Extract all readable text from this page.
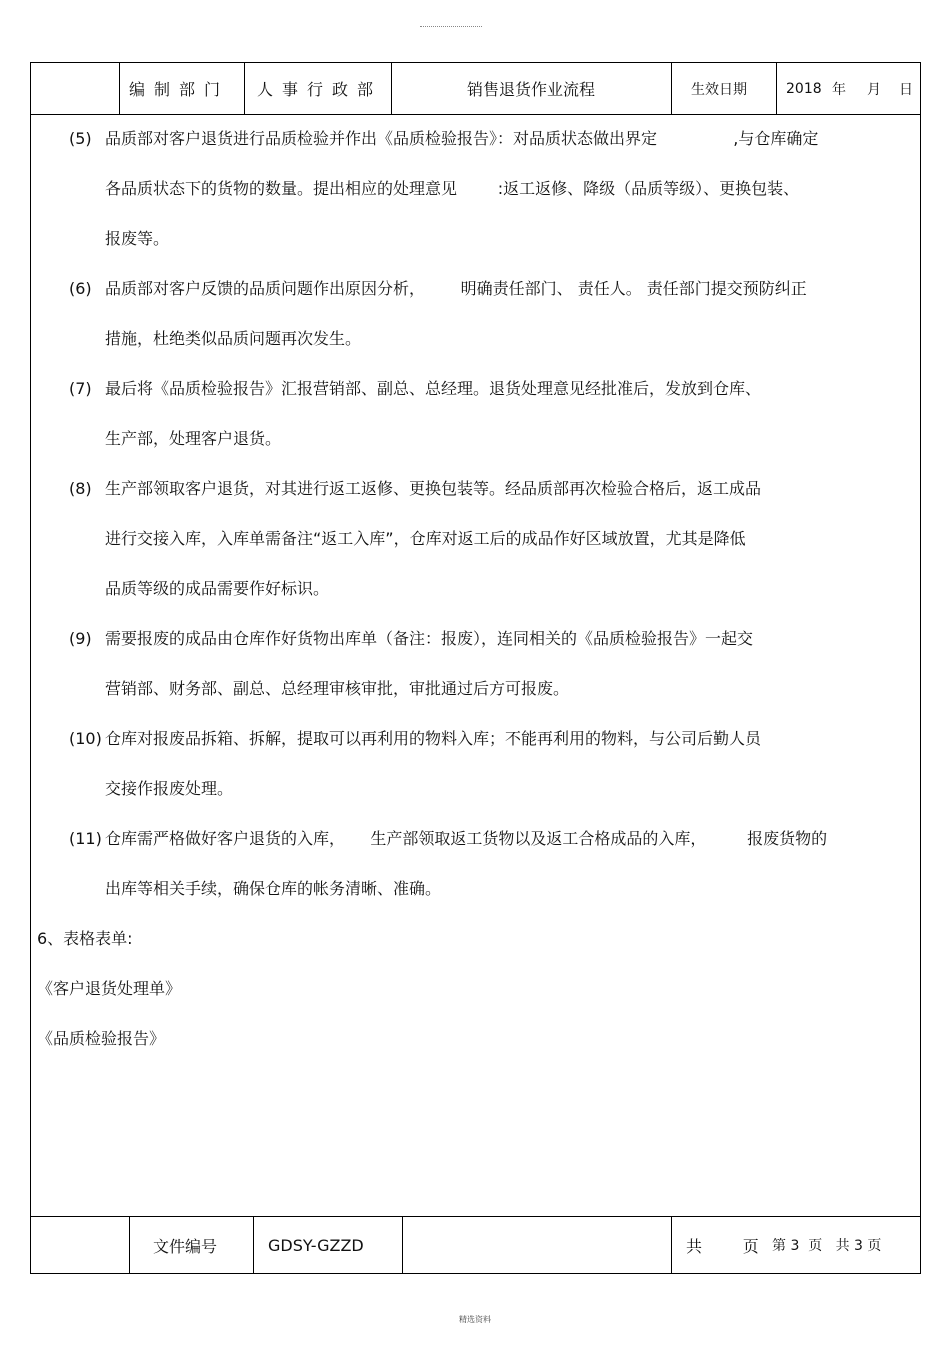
编制部门 人事行政部	销售退货作业流程	生效日期	2018 年 月 日
(5) 品质部对客户退货进行品质检验并作出《品质检验报告》：对品质状态做出界定               ,与仓库确定
各品质状态下的货物的数量。提出相应的处理意见        :返工返修、降级（品质等级）、更换包装、
报废等。
(6) 品质部对客户反馈的品质问题作出原因分析，       明确责任部门、 责任人。 责任部门提交预防纠正
措施，杜绝类似品质问题再次发生。
(7) 最后将《品质检验报告》汇报营销部、副总、总经理。退货处理意见经批准后，发放到仓库、
生产部，处理客户退货。
(8) 生产部领取客户退货，对其进行返工返修、更换包装等。经品质部再次检验合格后，返工成品
进行交接入库，入库单需备注“返工入库”，仓库对返工后的成品作好区域放置，尤其是降低
品质等级的成品需要作好标识。
(9) 需要报废的成品由仓库作好货物出库单（备注：报废），连同相关的《品质检验报告》一起交
营销部、财务部、副总、总经理审核审批，审批通过后方可报废。
(10) 仓库对报废品拆箱、拆解，提取可以再利用的物料入库；不能再利用的物料，与公司后勤人员
交接作报废处理。
(11) 仓库需严格做好客户退货的入库，     生产部领取返工货物以及返工合格成品的入库，        报废货物的
出库等相关手续，确保仓库的帐务清晰、准确。
6、表格表单:
《客户退货处理单》
《品质检验报告》
文件编号	GDSY-GZZD	共        页 第 3  页   共 3 页
精选资料
